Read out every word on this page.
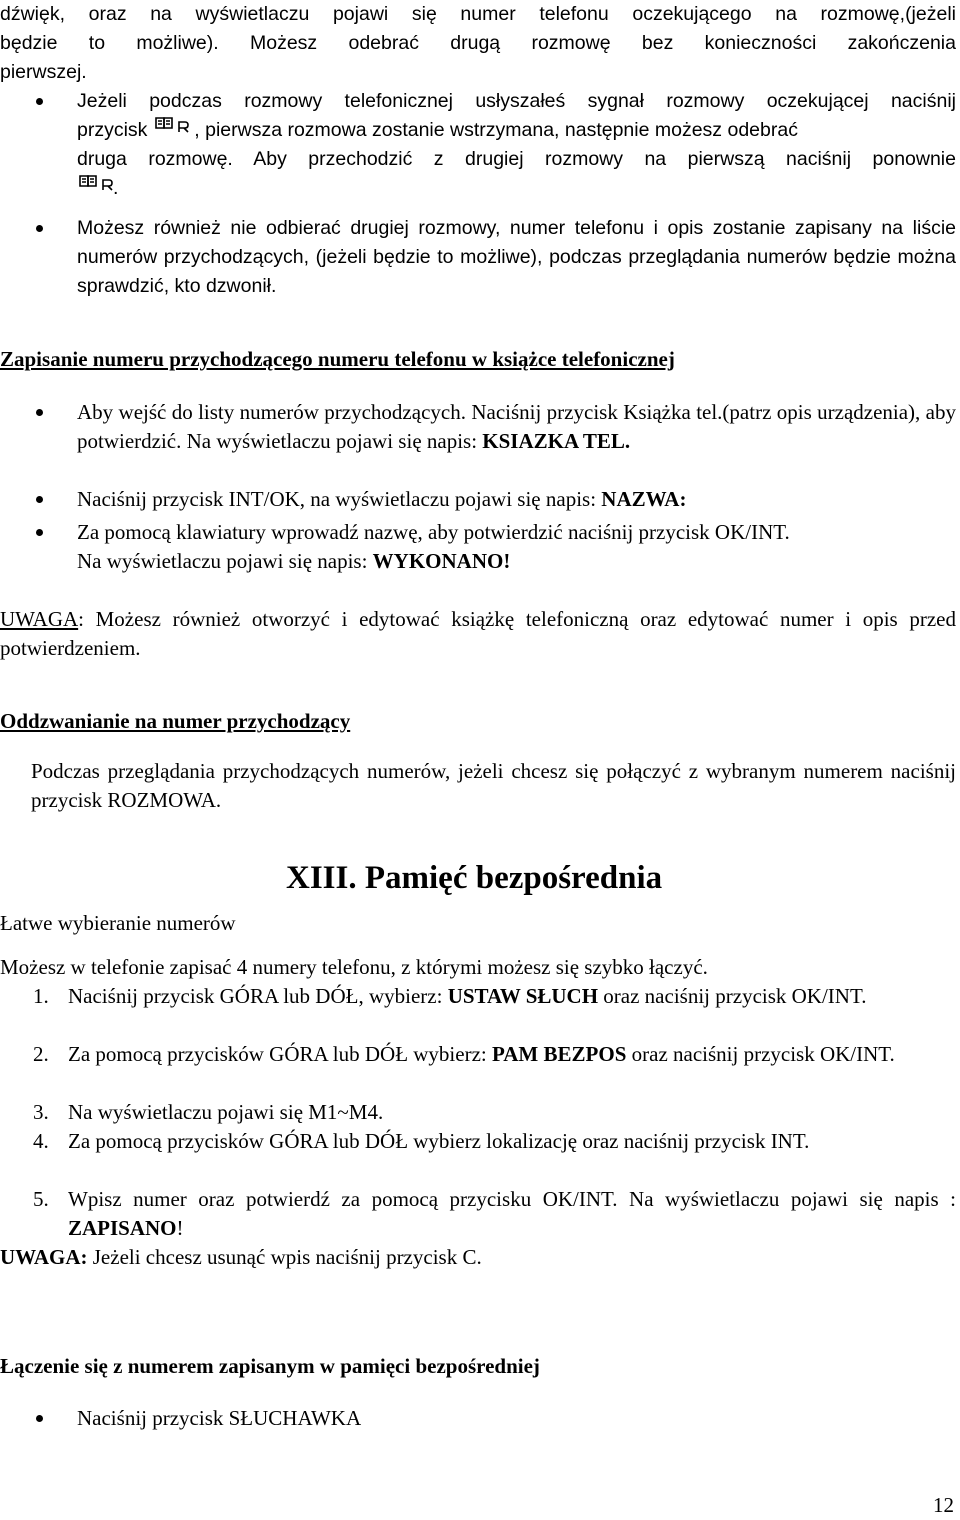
dźwięk, oraz na wyświetlaczu pojawi się numer telefonu oczekującego na rozmowę,(jeżeli

będzie to możliwe). Możesz odebrać drugą rozmowę bez konieczności zakończenia

pierwszej.

Jeżeli podczas rozmowy telefonicznej usłyszałeś sygnał rozmowy oczekującej naciśnij

przycisk , pierwsza rozmowa zostanie wstrzymana, następnie możesz odebrać

druga rozmowę. Aby przechodzić z drugiej rozmowy na pierwszą naciśnij ponownie

.

Możesz również nie odbierać drugiej rozmowy, numer telefonu i opis zostanie zapisany na liście numerów przychodzących, (jeżeli będzie to możliwe), podczas przeglądania numerów będzie można sprawdzić, kto dzwonił.

Zapisanie numeru przychodzącego numeru telefonu w książce telefonicznej

Aby wejść do listy numerów przychodzących. Naciśnij przycisk Książka tel.(patrz opis urządzenia), aby potwierdzić. Na wyświetlaczu pojawi się napis: KSIAZKA TEL.

Naciśnij przycisk INT/OK, na wyświetlaczu pojawi się napis: NAZWA:

Za pomocą klawiatury wprowadź nazwę, aby potwierdzić naciśnij przycisk OK/INT.

Na wyświetlaczu pojawi się napis: WYKONANO!

UWAGA: Możesz również otworzyć i edytować książkę telefoniczną oraz edytować numer i opis przed potwierdzeniem.

Oddzwanianie na numer przychodzący

Podczas przeglądania przychodzących numerów, jeżeli chcesz się połączyć z wybranym numerem naciśnij przycisk ROZMOWA.

XIII. Pamięć bezpośrednia
Łatwe wybieranie numerów
Możesz w telefonie zapisać 4 numery telefonu, z którymi możesz się szybko łączyć.
1. Naciśnij przycisk GÓRA lub DÓŁ, wybierz: USTAW SŁUCH oraz naciśnij przycisk OK/INT.

2. Za pomocą przycisków GÓRA lub DÓŁ wybierz: PAM BEZPOS oraz naciśnij przycisk OK/INT.

3. Na wyświetlaczu pojawi się M1~M4.

4. Za pomocą przycisków GÓRA lub DÓŁ wybierz lokalizację oraz naciśnij przycisk INT.

5. Wpisz numer oraz potwierdź za pomocą przycisku OK/INT. Na wyświetlaczu pojawi się napis : ZAPISANO!

UWAGA: Jeżeli chcesz usunąć wpis naciśnij przycisk C.

Łączenie się z numerem zapisanym w pamięci bezpośredniej

Naciśnij przycisk SŁUCHAWKA

12
